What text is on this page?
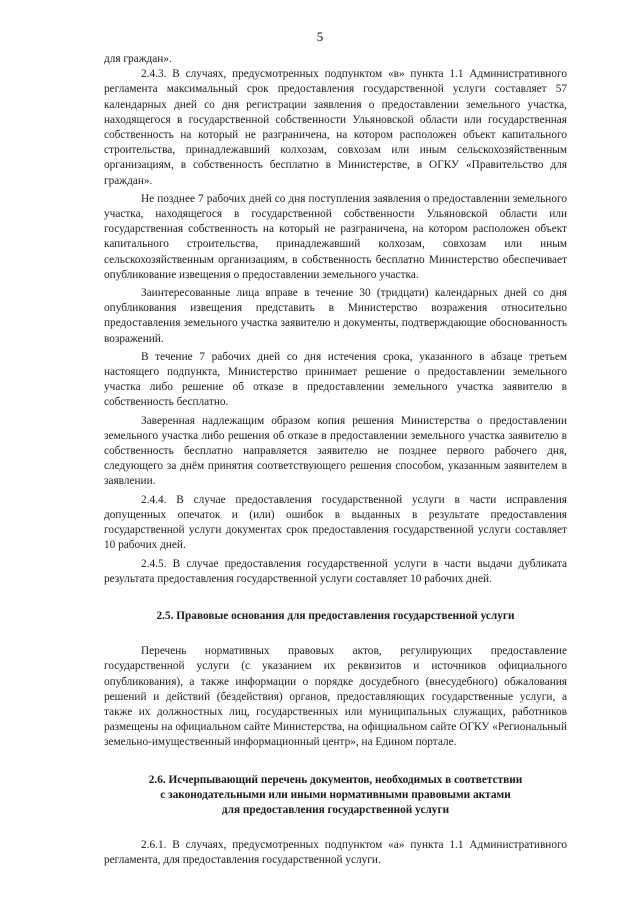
5

для граждан».

2.4.3. В случаях, предусмотренных подпунктом «в» пункта 1.1 Административного регламента максимальный срок предоставления государственной услуги составляет 57 календарных дней со дня регистрации заявления о предоставлении земельного участка, находящегося в государственной собственности Ульяновской области или государственная собственность на который не разграничена, на котором расположен объект капитального строительства, принадлежавший колхозам, совхозам или иным сельскохозяйственным организациям, в собственность бесплатно в Министерстве, в ОГКУ «Правительство для граждан».

Не позднее 7 рабочих дней со дня поступления заявления о предоставлении земельного участка, находящегося в государственной собственности Ульяновской области или государственная собственность на который не разграничена, на котором расположен объект капитального строительства, принадлежавший колхозам, совхозам или иным сельскохозяйственным организациям, в собственность бесплатно Министерство обеспечивает опубликование извещения о предоставлении земельного участка.

Заинтересованные лица вправе в течение 30 (тридцати) календарных дней со дня опубликования извещения представить в Министерство возражения относительно предоставления земельного участка заявителю и документы, подтверждающие обоснованность возражений.

В течение 7 рабочих дней со дня истечения срока, указанного в абзаце третьем настоящего подпункта, Министерство принимает решение о предоставлении земельного участка либо решение об отказе в предоставлении земельного участка заявителю в собственность бесплатно.

Заверенная надлежащим образом копия решения Министерства о предоставлении земельного участка либо решения об отказе в предоставлении земельного участка заявителю в собственность бесплатно направляется заявителю не позднее первого рабочего дня, следующего за днём принятия соответствующего решения способом, указанным заявителем в заявлении.

2.4.4. В случае предоставления государственной услуги в части исправления допущенных опечаток и (или) ошибок в выданных в результате предоставления государственной услуги документах срок предоставления государственной услуги составляет 10 рабочих дней.

2.4.5. В случае предоставления государственной услуги в части выдачи дубликата результата предоставления государственной услуги составляет 10 рабочих дней.

2.5. Правовые основания для предоставления государственной услуги

Перечень нормативных правовых актов, регулирующих предоставление государственной услуги (с указанием их реквизитов и источников официального опубликования), а также информации о порядке досудебного (внесудебного) обжалования решений и действий (бездействия) органов, предоставляющих государственные услуги, а также их должностных лиц, государственных или муниципальных служащих, работников размещены на официальном сайте Министерства, на официальном сайте ОГКУ «Региональный земельно-имущественный информационный центр», на Едином портале.

2.6. Исчерпывающий перечень документов, необходимых в соответствии

с законодательными или иными нормативными правовыми актами

для предоставления государственной услуги

2.6.1. В случаях, предусмотренных подпунктом «а» пункта 1.1 Административного регламента, для предоставления государственной услуги.
